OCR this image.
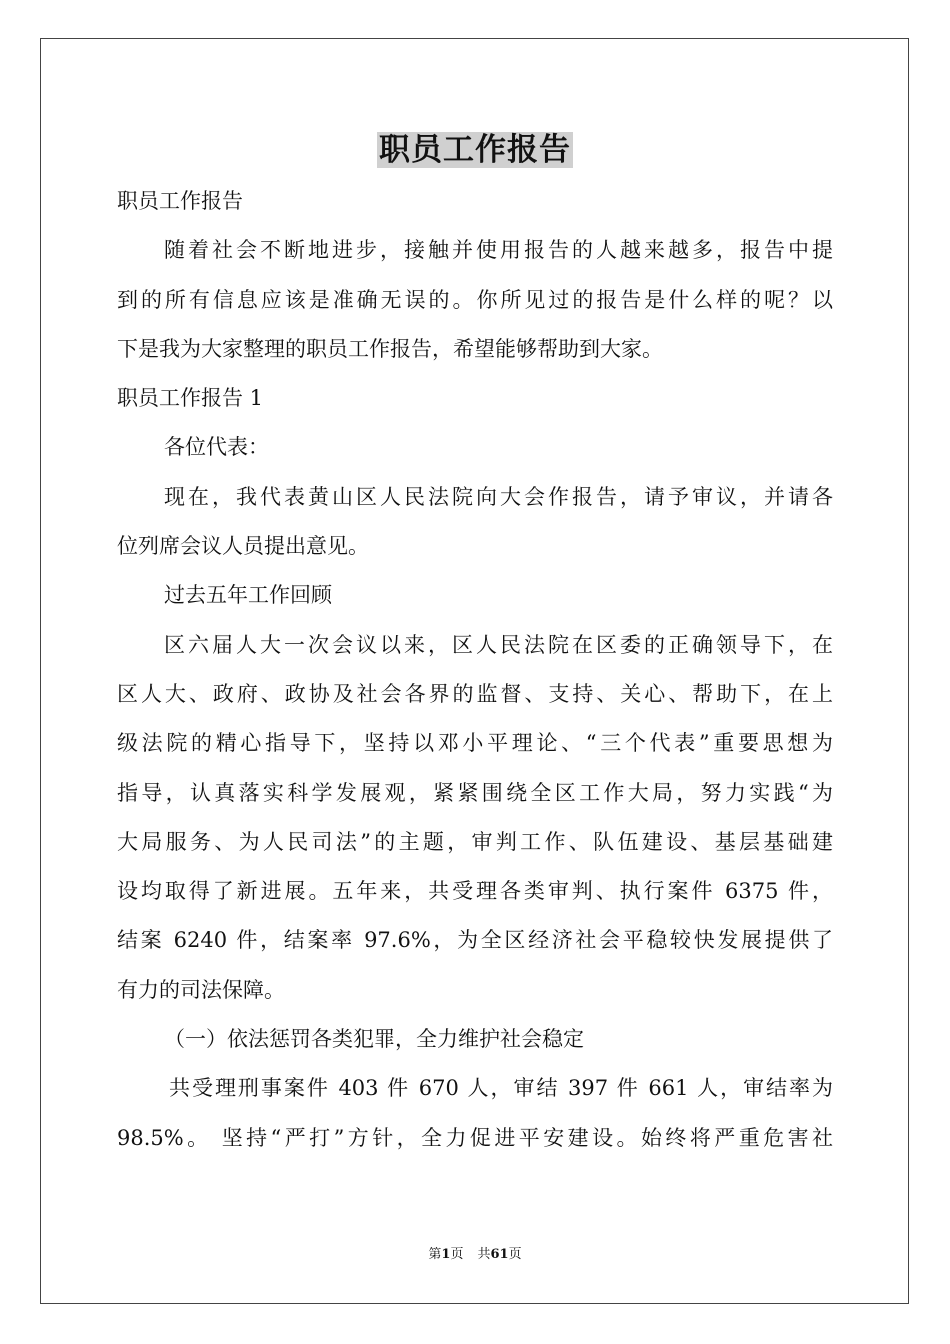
职员工作报告
职员工作报告
随着社会不断地进步，接触并使用报告的人越来越多，报告中提
到的所有信息应该是准确无误的。你所见过的报告是什么样的呢？以
下是我为大家整理的职员工作报告，希望能够帮助到大家。
职员工作报告 1
各位代表：
现在，我代表黄山区人民法院向大会作报告，请予审议，并请各
位列席会议人员提出意见。
过去五年工作回顾
区六届人大一次会议以来，区人民法院在区委的正确领导下，在
区人大、政府、政协及社会各界的监督、支持、关心、帮助下，在上
级法院的精心指导下，坚持以邓小平理论、“三个代表”重要思想为
指导，认真落实科学发展观，紧紧围绕全区工作大局，努力实践“为
大局服务、为人民司法”的主题，审判工作、队伍建设、基层基础建
设均取得了新进展。五年来，共受理各类审判、执行案件 6375 件，
结案 6240 件，结案率 97.6%，为全区经济社会平稳较快发展提供了
有力的司法保障。
（一）依法惩罚各类犯罪，全力维护社会稳定
共受理刑事案件 403 件 670 人，审结 397 件 661 人，审结率为
98.5%。 坚持“严打”方针，全力促进平安建设。始终将严重危害社
第1页 共61页
